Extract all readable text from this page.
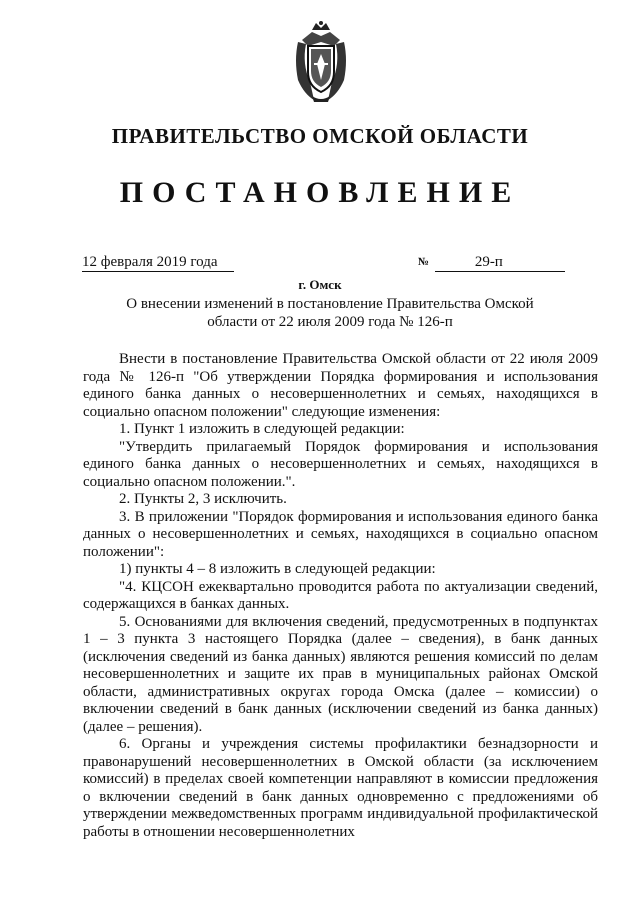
ПРАВИТЕЛЬСТВО ОМСКОЙ ОБЛАСТИ
ПОСТАНОВЛЕНИЕ
12 февраля 2019 года	№	29-п
г. Омск
О внесении изменений в постановление Правительства Омской области от 22 июля 2009 года № 126-п

Внести в постановление Правительства Омской области от 22 июля 2009 года № 126-п "Об утверждении Порядка формирования и использования единого банка данных о несовершеннолетних и семьях, находящихся в социально опасном положении" следующие изменения:

1. Пункт 1 изложить в следующей редакции:

"Утвердить прилагаемый Порядок формирования и использования единого банка данных о несовершеннолетних и семьях, находящихся в социально опасном положении.".

2. Пункты 2, 3 исключить.

3. В приложении "Порядок формирования и использования единого банка данных о несовершеннолетних и семьях, находящихся в социально опасном положении":

1) пункты 4 – 8 изложить в следующей редакции:

"4. КЦСОН ежеквартально проводится работа по актуализации сведений, содержащихся в банках данных.

5. Основаниями для включения сведений, предусмотренных в подпунктах 1 – 3 пункта 3 настоящего Порядка (далее – сведения), в банк данных (исключения сведений из банка данных) являются решения комиссий по делам несовершеннолетних и защите их прав в муниципальных районах Омской области, административных округах города Омска (далее – комиссии) о включении сведений в банк данных (исключении сведений из банка данных) (далее – решения).

6. Органы и учреждения системы профилактики безнадзорности и правонарушений несовершеннолетних в Омской области (за исключением комиссий) в пределах своей компетенции направляют в комиссии предложения о включении сведений в банк данных одновременно с предложениями об утверждении межведомственных программ индивидуальной профилактической работы в отношении несовершеннолетних
